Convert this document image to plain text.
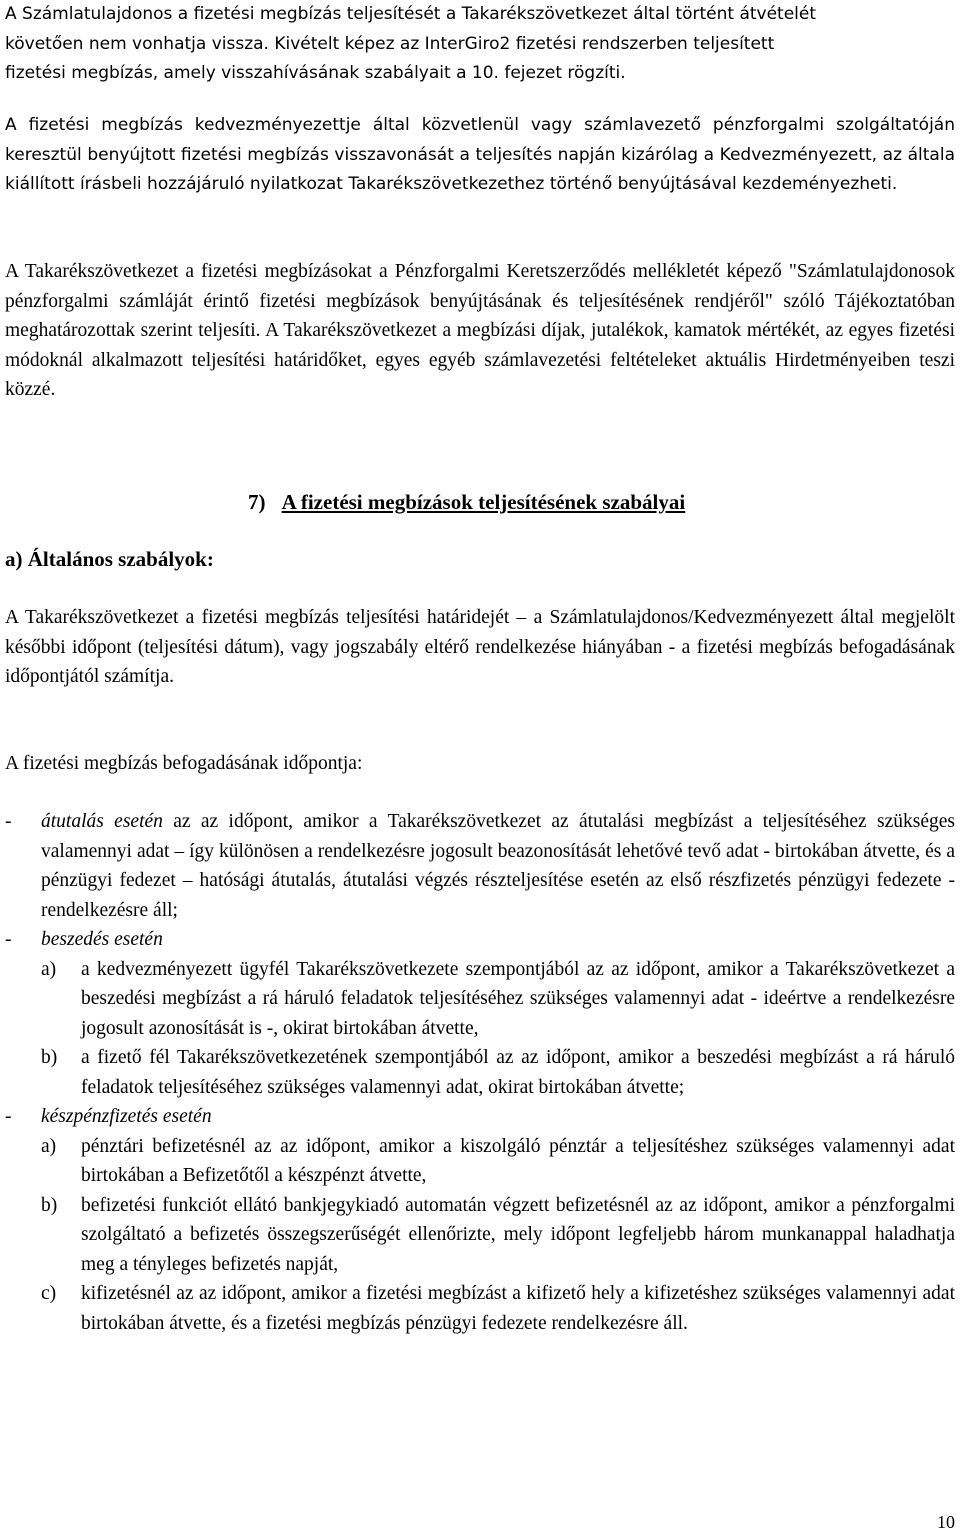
A Számlatulajdonos a fizetési megbízás teljesítését a Takarékszövetkezet által történt átvételét
követően nem vonhatja vissza. Kivételt képez az InterGiro2 fizetési rendszerben teljesített
fizetési megbízás, amely visszahívásának szabályait a 10. fejezet rögzíti.

A fizetési megbízás kedvezményezettje által közvetlenül vagy számlavezető pénzforgalmi szolgáltatóján keresztül benyújtott fizetési megbízás visszavonását a teljesítés napján kizárólag a Kedvezményezett, az általa kiállított írásbeli hozzájáruló nyilatkozat Takarékszövetkezethez történő benyújtásával kezdeményezheti.

A Takarékszövetkezet a fizetési megbízásokat a Pénzforgalmi Keretszerződés mellékletét képező "Számlatulajdonosok pénzforgalmi számláját érintő fizetési megbízások benyújtásának és teljesítésének rendjéről" szóló Tájékoztatóban meghatározottak szerint teljesíti. A Takarékszövetkezet a megbízási díjak, jutalékok, kamatok mértékét, az egyes fizetési módoknál alkalmazott teljesítési határidőket, egyes egyéb számlavezetési feltételeket aktuális Hirdetményeiben teszi közzé.

7) A fizetési megbízások teljesítésének szabályai
a) Általános szabályok:

A Takarékszövetkezet a fizetési megbízás teljesítési határidejét – a Számlatulajdonos/Kedvezményezett által megjelölt későbbi időpont (teljesítési dátum), vagy jogszabály eltérő rendelkezése hiányában - a fizetési megbízás befogadásának időpontjától számítja.

A fizetési megbízás befogadásának időpontja:

- átutalás esetén az az időpont, amikor a Takarékszövetkezet az átutalási megbízást a teljesítéséhez szükséges valamennyi adat – így különösen a rendelkezésre jogosult beazonosítását lehetővé tevő adat - birtokában átvette, és a pénzügyi fedezet – hatósági átutalás, átutalási végzés részteljesítése esetén az első részfizetés pénzügyi fedezete - rendelkezésre áll;
- beszedés esetén
a) a kedvezményezett ügyfél Takarékszövetkezete szempontjából az az időpont, amikor a Takarékszövetkezet a beszedési megbízást a rá háruló feladatok teljesítéséhez szükséges valamennyi adat - ideértve a rendelkezésre jogosult azonosítását is -, okirat birtokában átvette,
b) a fizető fél Takarékszövetkezetének szempontjából az az időpont, amikor a beszedési megbízást a rá háruló feladatok teljesítéséhez szükséges valamennyi adat, okirat birtokában átvette;
- készpénzfizetés esetén
a) pénztári befizetésnél az az időpont, amikor a kiszolgáló pénztár a teljesítéshez szükséges valamennyi adat birtokában a Befizetőtől a készpénzt átvette,
b) befizetési funkciót ellátó bankjegykiadó automatán végzett befizetésnél az az időpont, amikor a pénzforgalmi szolgáltató a befizetés összegszerűségét ellenőrizte, mely időpont legfeljebb három munkanappal haladhatja meg a tényleges befizetés napját,
c) kifizetésnél az az időpont, amikor a fizetési megbízást a kifizető hely a kifizetéshez szükséges valamennyi adat birtokában átvette, és a fizetési megbízás pénzügyi fedezete rendelkezésre áll.
10
